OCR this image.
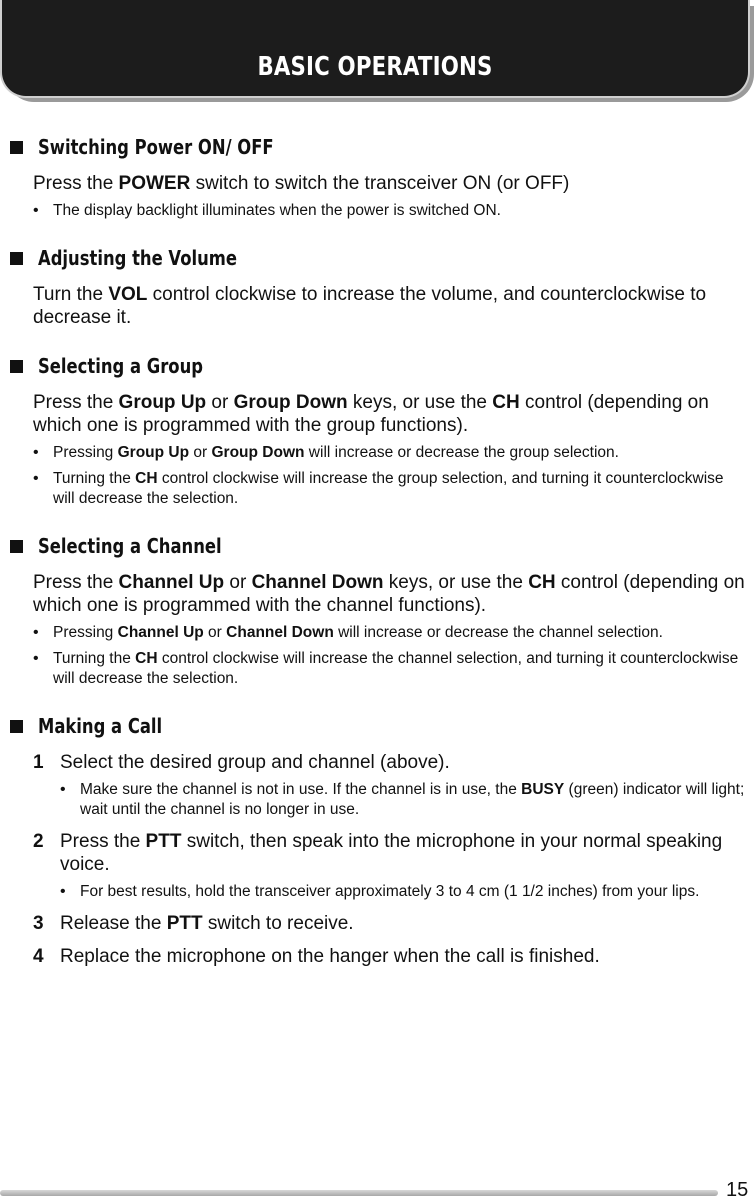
BASIC OPERATIONS
Switching Power ON/ OFF
Press the POWER switch to switch the transceiver ON (or OFF)
• The display backlight illuminates when the power is switched ON.
Adjusting the Volume
Turn the VOL control clockwise to increase the volume, and counterclockwise to decrease it.
Selecting a Group
Press the Group Up or Group Down keys, or use the CH control (depending on which one is programmed with the group functions).
• Pressing Group Up or Group Down will increase or decrease the group selection.
• Turning the CH control clockwise will increase the group selection, and turning it counterclockwise will decrease the selection.
Selecting a Channel
Press the Channel Up or Channel Down keys, or use the CH control (depending on which one is programmed with the channel functions).
• Pressing Channel Up or Channel Down will increase or decrease the channel selection.
• Turning the CH control clockwise will increase the channel selection, and turning it counterclockwise will decrease the selection.
Making a Call
1 Select the desired group and channel (above).
• Make sure the channel is not in use. If the channel is in use, the BUSY (green) indicator will light; wait until the channel is no longer in use.
2 Press the PTT switch, then speak into the microphone in your normal speaking voice.
• For best results, hold the transceiver approximately 3 to 4 cm (1 1/2 inches) from your lips.
3 Release the PTT switch to receive.
4 Replace the microphone on the hanger when the call is finished.
15
